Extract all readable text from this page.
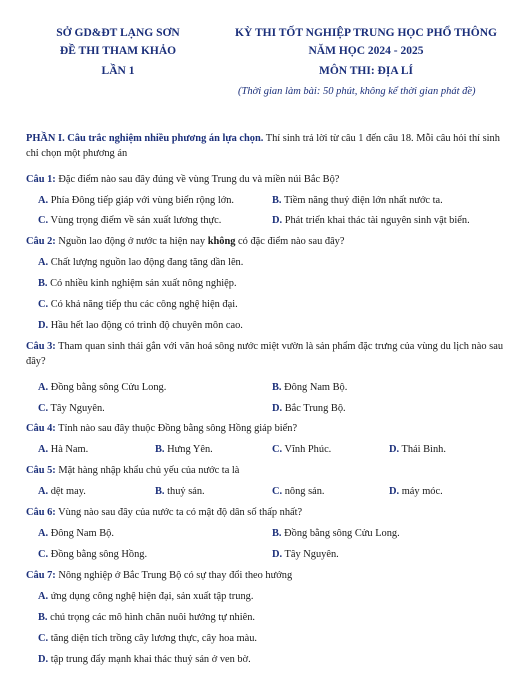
SỞ GD&ĐT LẠNG SƠN
ĐỀ THI THAM KHẢO
LẦN 1
KỲ THI TỐT NGHIỆP TRUNG HỌC PHỔ THÔNG
NĂM HỌC 2024 - 2025
MÔN THI: ĐỊA LÍ
(Thời gian làm bài: 50 phút, không kể thời gian phát đề)
PHẦN I. Câu trắc nghiệm nhiều phương án lựa chọn. Thí sinh trả lời từ câu 1 đến câu 18. Mỗi câu hỏi thí sinh chỉ chọn một phương án
Câu 1: Đặc điểm nào sau đây đúng về vùng Trung du và miền núi Bắc Bộ?
A. Phía Đông tiếp giáp với vùng biển rộng lớn.	B. Tiềm năng thuỷ điện lớn nhất nước ta.
C. Vùng trọng điểm về sản xuất lương thực.	D. Phát triển khai thác tài nguyên sinh vật biển.
Câu 2: Nguồn lao động ở nước ta hiện nay không có đặc điểm nào sau đây?
A. Chất lượng nguồn lao động đang tăng dần lên.
B. Có nhiều kinh nghiệm sản xuất nông nghiệp.
C. Có khả năng tiếp thu các công nghệ hiện đại.
D. Hầu hết lao động có trình độ chuyên môn cao.
Câu 3: Tham quan sinh thái gắn với văn hoá sông nước miệt vườn là sản phẩm đặc trưng của vùng du lịch nào sau đây?
A. Đồng bằng sông Cửu Long.	B. Đông Nam Bộ.
C. Tây Nguyên.	D. Bắc Trung Bộ.
Câu 4: Tỉnh nào sau đây thuộc Đồng bằng sông Hồng giáp biển?
A. Hà Nam.	B. Hưng Yên.	C. Vĩnh Phúc.	D. Thái Bình.
Câu 5: Mặt hàng nhập khẩu chủ yếu của nước ta là
A. dệt may.	B. thuỷ sản.	C. nông sản.	D. máy móc.
Câu 6: Vùng nào sau đây của nước ta có mật độ dân số thấp nhất?
A. Đông Nam Bộ.	B. Đồng bằng sông Cửu Long.
C. Đồng bằng sông Hồng.	D. Tây Nguyên.
Câu 7: Nông nghiệp ở Bắc Trung Bộ có sự thay đổi theo hướng
A. ứng dụng công nghệ hiện đại, sản xuất tập trung.
B. chú trọng các mô hình chăn nuôi hướng tự nhiên.
C. tăng diện tích trồng cây lương thực, cây hoa màu.
D. tập trung đẩy mạnh khai thác thuỷ sản ở ven bờ.
